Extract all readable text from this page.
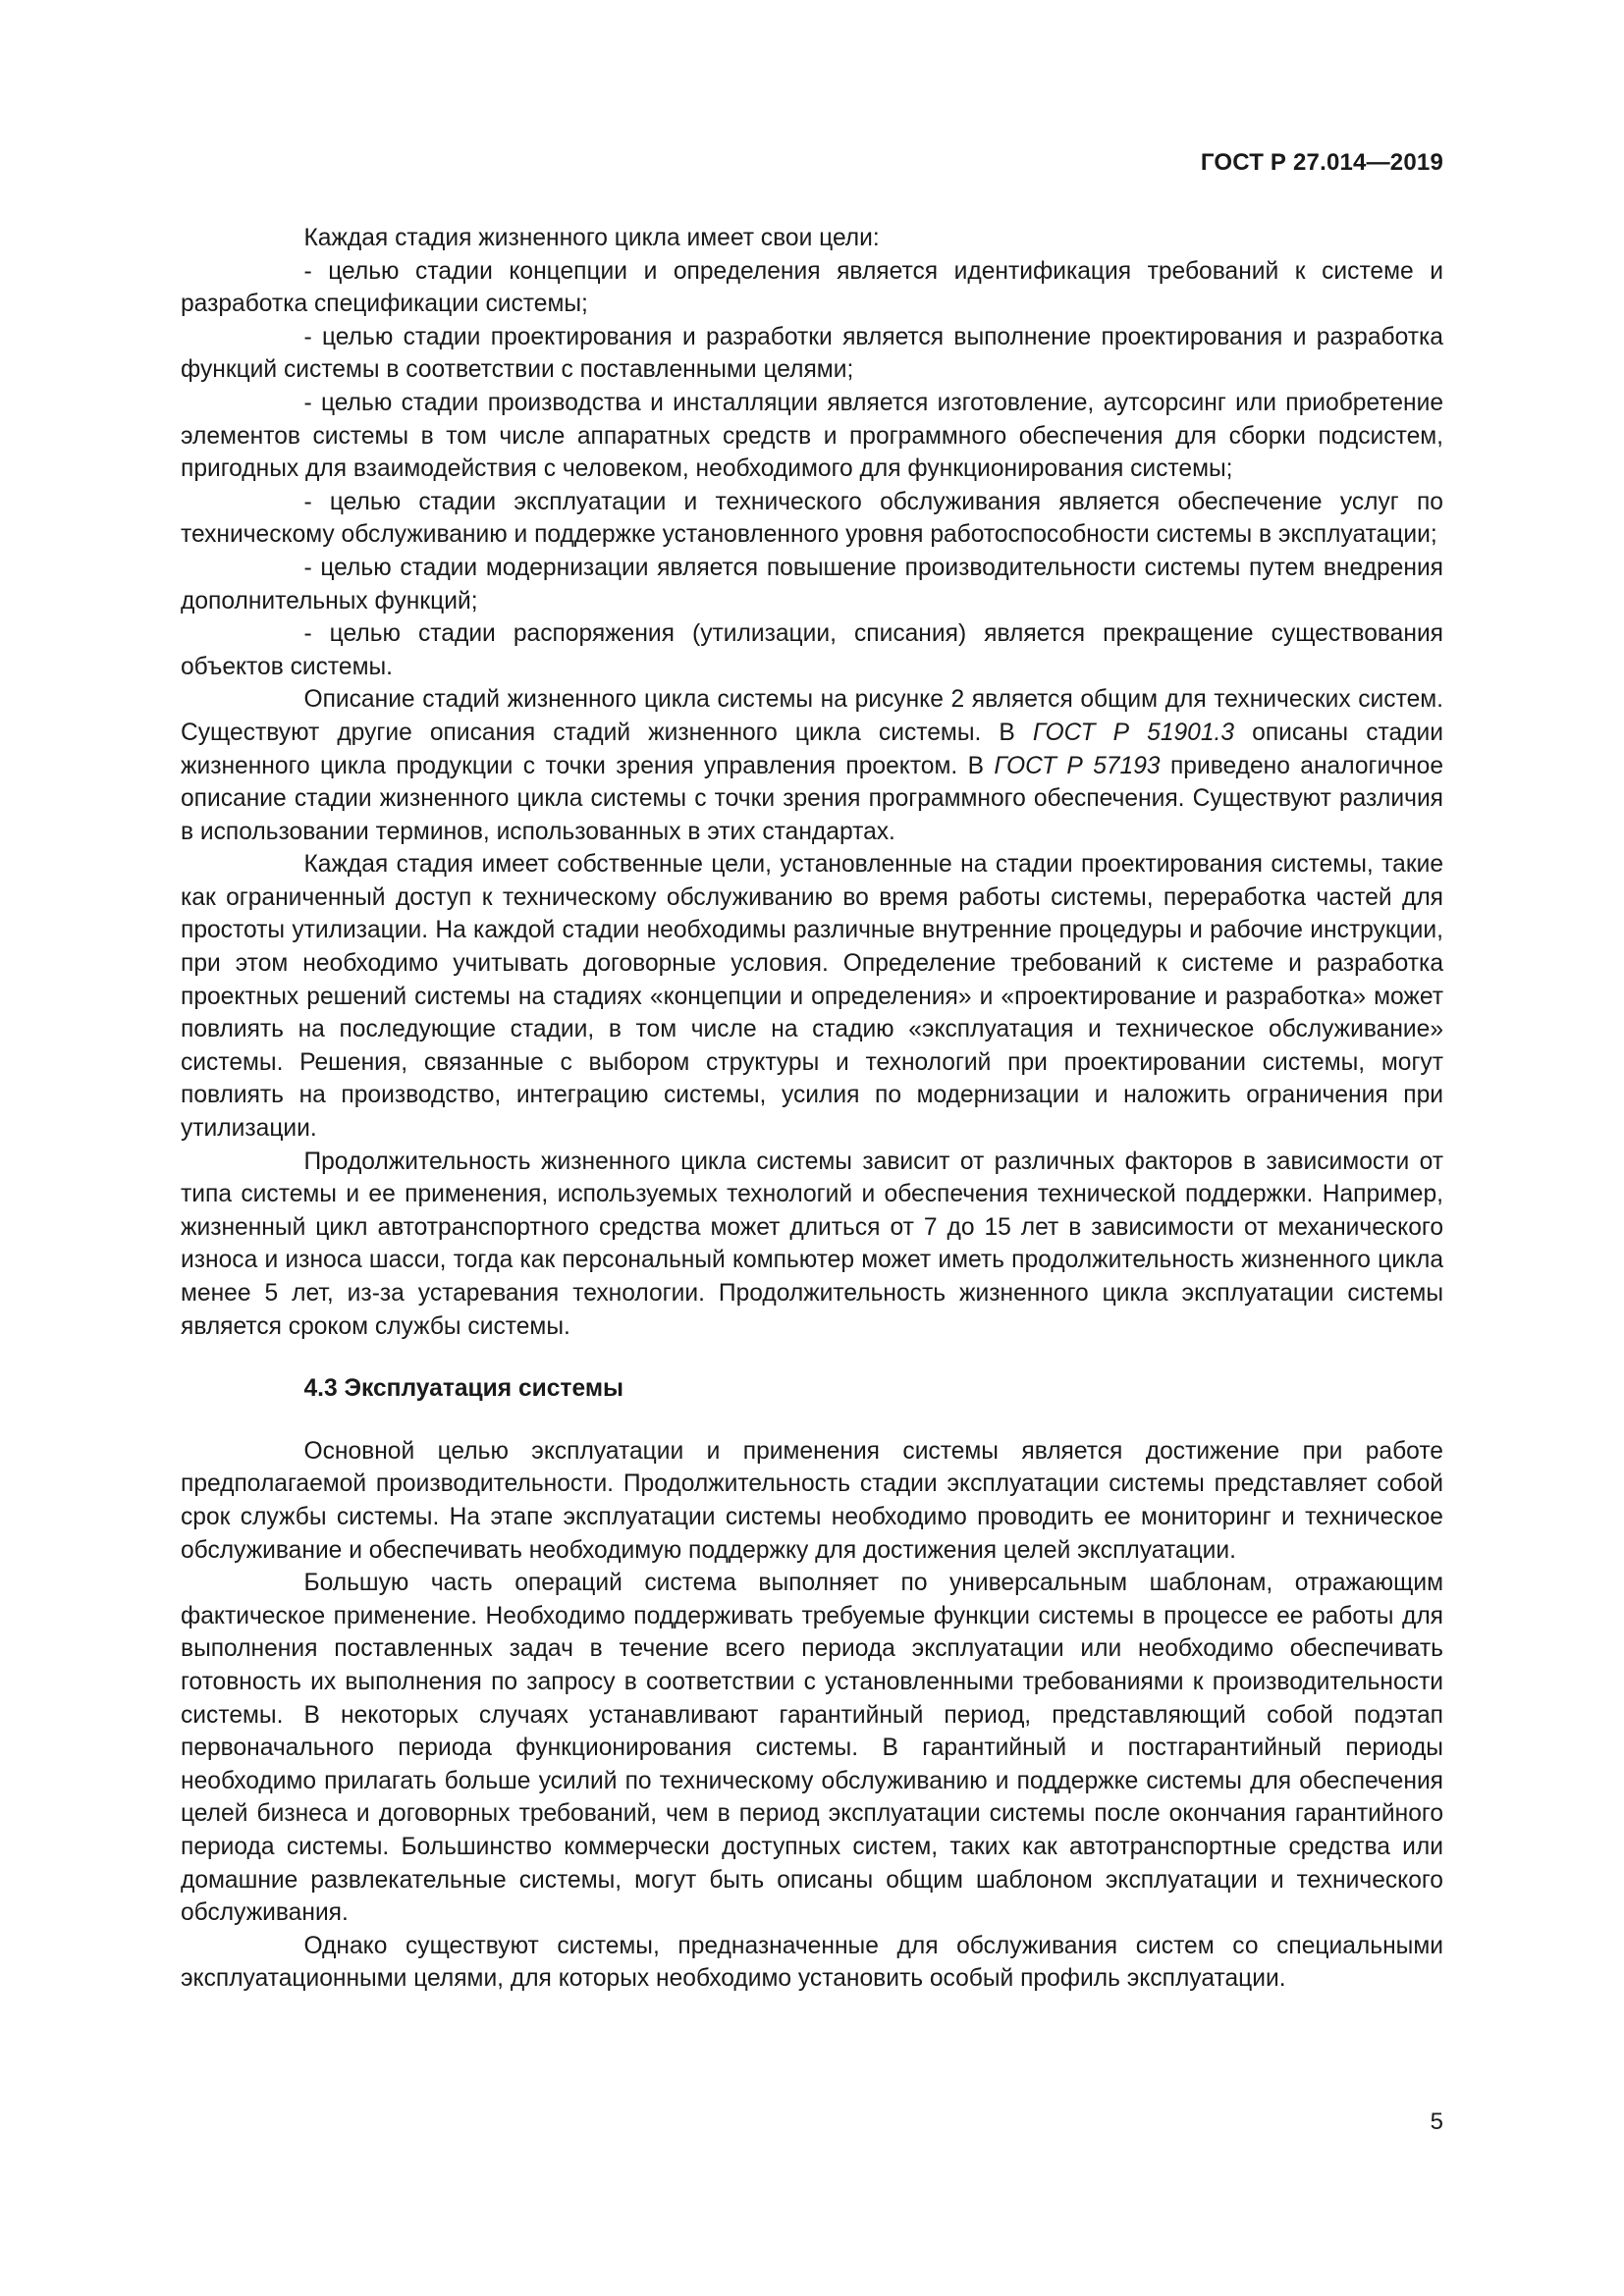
ГОСТ Р 27.014—2019

Каждая стадия жизненного цикла имеет свои цели:

- целью стадии концепции и определения является идентификация требований к системе и разработка спецификации системы;

- целью стадии проектирования и разработки является выполнение проектирования и разработка функций системы в соответствии с поставленными целями;

- целью стадии производства и инсталляции является изготовление, аутсорсинг или приобретение элементов системы в том числе аппаратных средств и программного обеспечения для сборки подсистем, пригодных для взаимодействия с человеком, необходимого для функционирования системы;

- целью стадии эксплуатации и технического обслуживания является обеспечение услуг по техническому обслуживанию и поддержке установленного уровня работоспособности системы в эксплуатации;

- целью стадии модернизации является повышение производительности системы путем внедрения дополнительных функций;

- целью стадии распоряжения (утилизации, списания) является прекращение существования объектов системы.

Описание стадий жизненного цикла системы на рисунке 2 является общим для технических систем. Существуют другие описания стадий жизненного цикла системы. В ГОСТ Р 51901.3 описаны стадии жизненного цикла продукции с точки зрения управления проектом. В ГОСТ Р 57193 приведено аналогичное описание стадии жизненного цикла системы с точки зрения программного обеспечения. Существуют различия в использовании терминов, использованных в этих стандартах.

Каждая стадия имеет собственные цели, установленные на стадии проектирования системы, такие как ограниченный доступ к техническому обслуживанию во время работы системы, переработка частей для простоты утилизации. На каждой стадии необходимы различные внутренние процедуры и рабочие инструкции, при этом необходимо учитывать договорные условия. Определение требований к системе и разработка проектных решений системы на стадиях «концепции и определения» и «проектирование и разработка» может повлиять на последующие стадии, в том числе на стадию «эксплуатация и техническое обслуживание» системы. Решения, связанные с выбором структуры и технологий при проектировании системы, могут повлиять на производство, интеграцию системы, усилия по модернизации и наложить ограничения при утилизации.

Продолжительность жизненного цикла системы зависит от различных факторов в зависимости от типа системы и ее применения, используемых технологий и обеспечения технической поддержки. Например, жизненный цикл автотранспортного средства может длиться от 7 до 15 лет в зависимости от механического износа и износа шасси, тогда как персональный компьютер может иметь продолжительность жизненного цикла менее 5 лет, из-за устаревания технологии. Продолжительность жизненного цикла эксплуатации системы является сроком службы системы.

4.3 Эксплуатация системы

Основной целью эксплуатации и применения системы является достижение при работе предполагаемой производительности. Продолжительность стадии эксплуатации системы представляет собой срок службы системы. На этапе эксплуатации системы необходимо проводить ее мониторинг и техническое обслуживание и обеспечивать необходимую поддержку для достижения целей эксплуатации.

Большую часть операций система выполняет по универсальным шаблонам, отражающим фактическое применение. Необходимо поддерживать требуемые функции системы в процессе ее работы для выполнения поставленных задач в течение всего периода эксплуатации или необходимо обеспечивать готовность их выполнения по запросу в соответствии с установленными требованиями к производительности системы. В некоторых случаях устанавливают гарантийный период, представляющий собой подэтап первоначального периода функционирования системы. В гарантийный и постгарантийный периоды необходимо прилагать больше усилий по техническому обслуживанию и поддержке системы для обеспечения целей бизнеса и договорных требований, чем в период эксплуатации системы после окончания гарантийного периода системы. Большинство коммерчески доступных систем, таких как автотранспортные средства или домашние развлекательные системы, могут быть описаны общим шаблоном эксплуатации и технического обслуживания.

Однако существуют системы, предназначенные для обслуживания систем со специальными эксплуатационными целями, для которых необходимо установить особый профиль эксплуатации.

5
